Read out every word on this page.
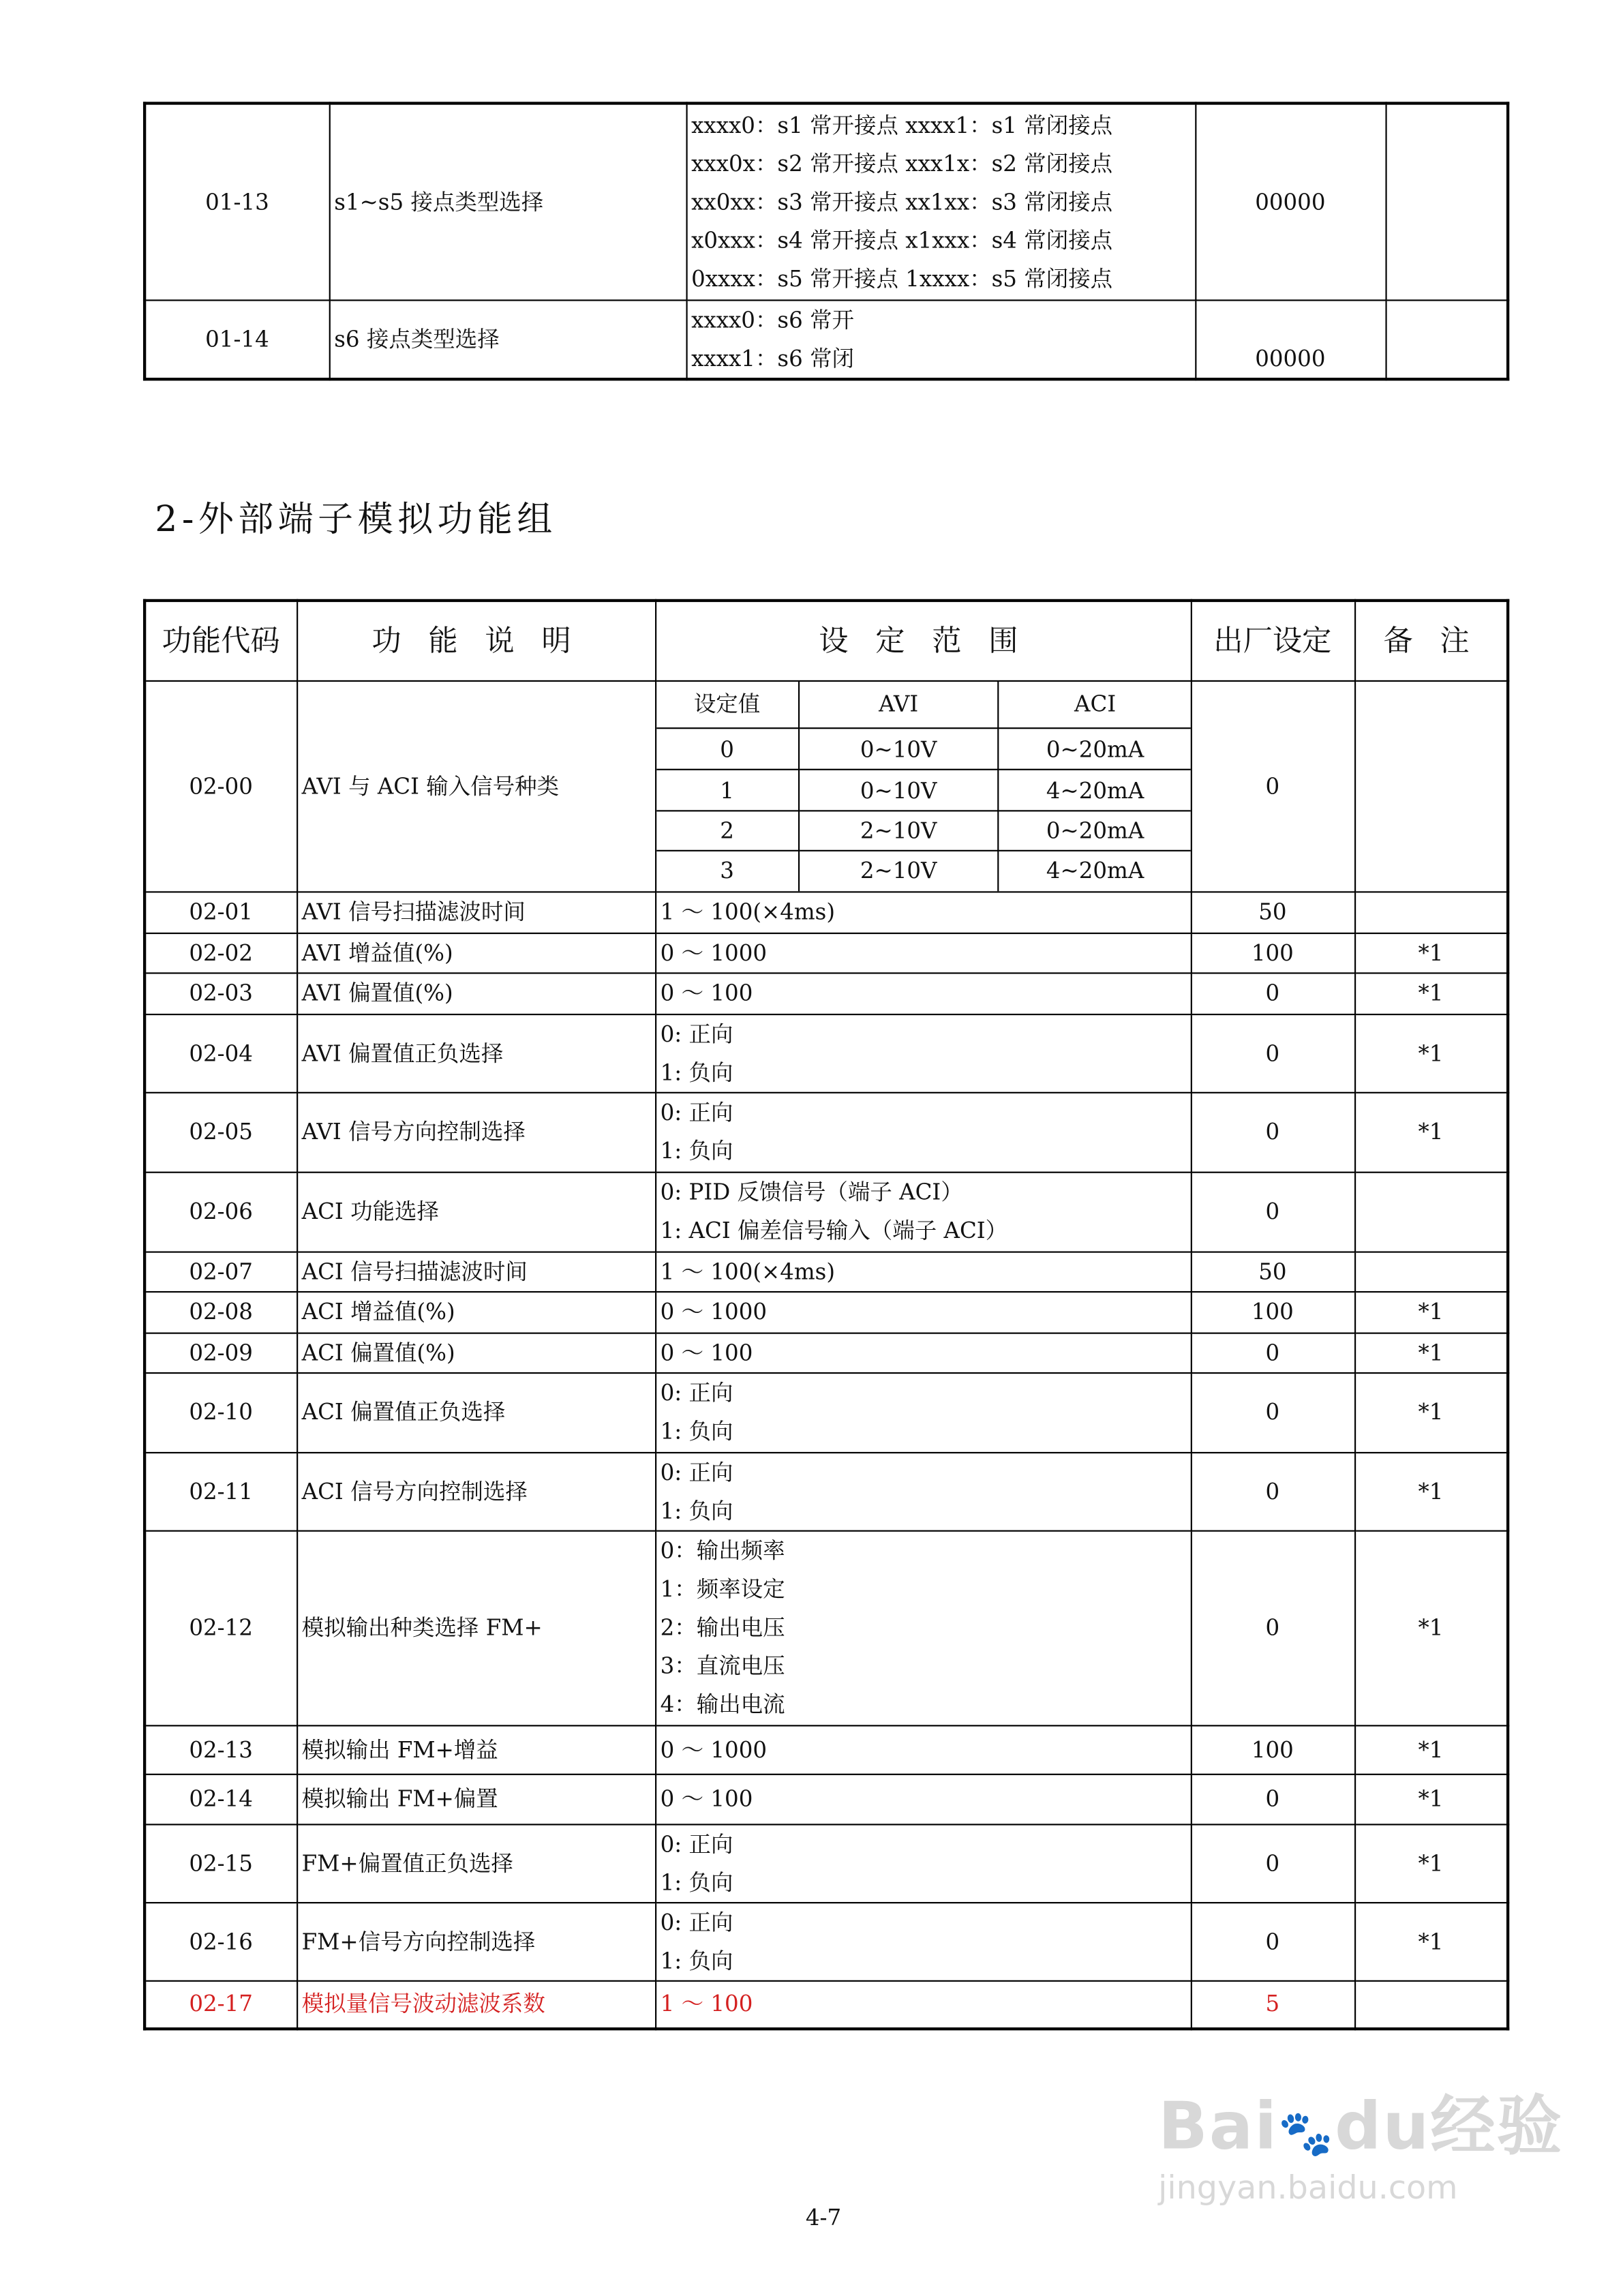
01-13	s1~s5 接点类型选择	xxxx0：s1 常开接点 xxxx1：s1 常闭接点
xxx0x：s2 常开接点 xxx1x：s2 常闭接点
xx0xx：s3 常开接点 xx1xx：s3 常闭接点
x0xxx：s4 常开接点 x1xxx：s4 常闭接点
0xxxx：s5 常开接点 1xxxx：s5 常闭接点	00000	
01-14	s6 接点类型选择	xxxx0：s6 常开
xxxx1：s6 常闭	00000	
2-外部端子模拟功能组
功能代码	功 能 说 明	设 定 范 围	出厂设定	备 注
02-00	AVI 与 ACI 输入信号种类	
设定值	AVI	ACI
0	0~10V	0~20mA
1	0~10V	4~20mA
2	2~10V	0~20mA
3	2~10V	4~20mA
	0	
02-01	AVI 信号扫描滤波时间	1 ～ 100(×4ms)	50	
02-02	AVI 增益值(%)	0 ～ 1000	100	*1
02-03	AVI 偏置值(%)	0 ～ 100	0	*1
02-04	AVI 偏置值正负选择	
0: 正向
1: 负向
	0	*1
02-05	AVI 信号方向控制选择	
0: 正向
1: 负向
	0	*1
02-06	ACI 功能选择	
0: PID 反馈信号（端子 ACI）
1: ACI 偏差信号输入（端子 ACI）
	0	
02-07	ACI 信号扫描滤波时间	1 ～ 100(×4ms)	50	
02-08	ACI 增益值(%)	0 ～ 1000	100	*1
02-09	ACI 偏置值(%)	0 ～ 100	0	*1
02-10	ACI 偏置值正负选择	
0: 正向
1: 负向
	0	*1
02-11	ACI 信号方向控制选择	
0: 正向
1: 负向
	0	*1
02-12	模拟输出种类选择 FM+	
0：输出频率
1：频率设定
2：输出电压
3：直流电压
4：输出电流
	0	*1
02-13	模拟输出 FM+增益	0 ～ 1000	100	*1
02-14	模拟输出 FM+偏置	0 ～ 100	0	*1
02-15	FM+偏置值正负选择	
0: 正向
1: 负向
	0	*1
02-16	FM+信号方向控制选择	
0: 正向
1: 负向
	0	*1
02-17	模拟量信号波动滤波系数	1 ～ 100	5	
4-7
Bai🐾du经验
jingyan.baidu.com
